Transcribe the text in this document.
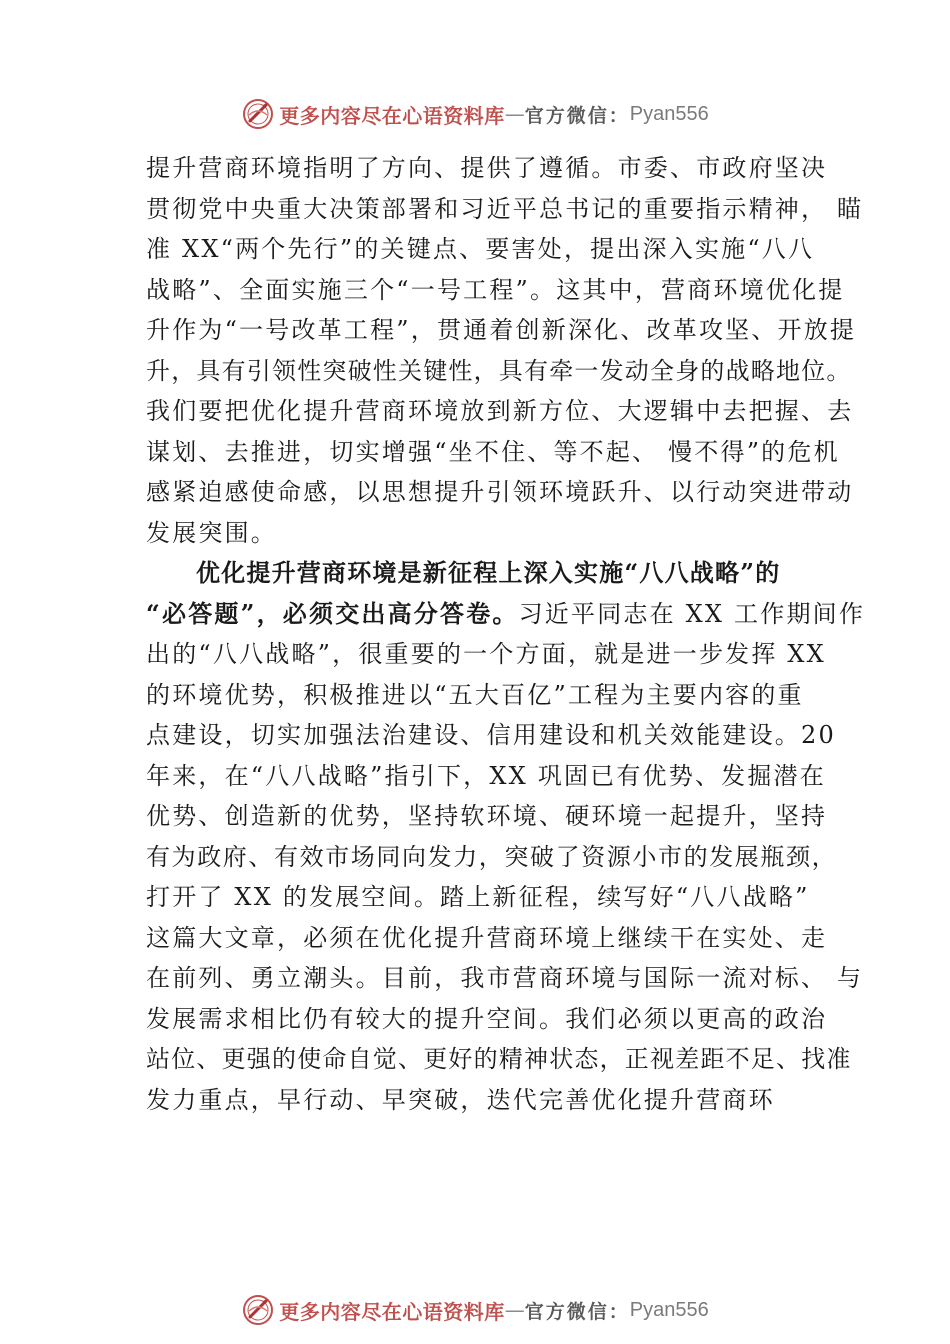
更多内容尽在心语资料库 — 官方微信： Pyan556
提升营商环境指明了方向、提供了遵循。市委、市政府坚决
贯彻党中央重大决策部署和习近平总书记的重要指示精神， 瞄
准 XX“两个先行”的关键点、要害处，提出深入实施“八八
战略”、全面实施三个“一号工程”。这其中，营商环境优化提
升作为“一号改革工程”，贯通着创新深化、改革攻坚、开放提
升，具有引领性突破性关键性，具有牵一发动全身的战略地位。
我们要把优化提升营商环境放到新方位、大逻辑中去把握、去
谋划、去推进，切实增强“坐不住、等不起、 慢不得”的危机
感紧迫感使命感，以思想提升引领环境跃升、以行动突进带动
发展突围。
优化提升营商环境是新征程上深入实施“八八战略”的
“必答题”，必须交出高分答卷。习近平同志在 XX 工作期间作
出的“八八战略”，很重要的一个方面，就是进一步发挥 XX
的环境优势，积极推进以“五大百亿”工程为主要内容的重
点建设，切实加强法治建设、信用建设和机关效能建设。20
年来，在“八八战略”指引下，XX 巩固已有优势、发掘潜在
优势、创造新的优势，坚持软环境、硬环境一起提升，坚持
有为政府、有效市场同向发力，突破了资源小市的发展瓶颈，
打开了 XX 的发展空间。踏上新征程，续写好“八八战略”
这篇大文章，必须在优化提升营商环境上继续干在实处、走
在前列、勇立潮头。目前，我市营商环境与国际一流对标、 与
发展需求相比仍有较大的提升空间。我们必须以更高的政治
站位、更强的使命自觉、更好的精神状态，正视差距不足、找准
发力重点，早行动、早突破，迭代完善优化提升营商环
更多内容尽在心语资料库 — 官方微信： Pyan556
